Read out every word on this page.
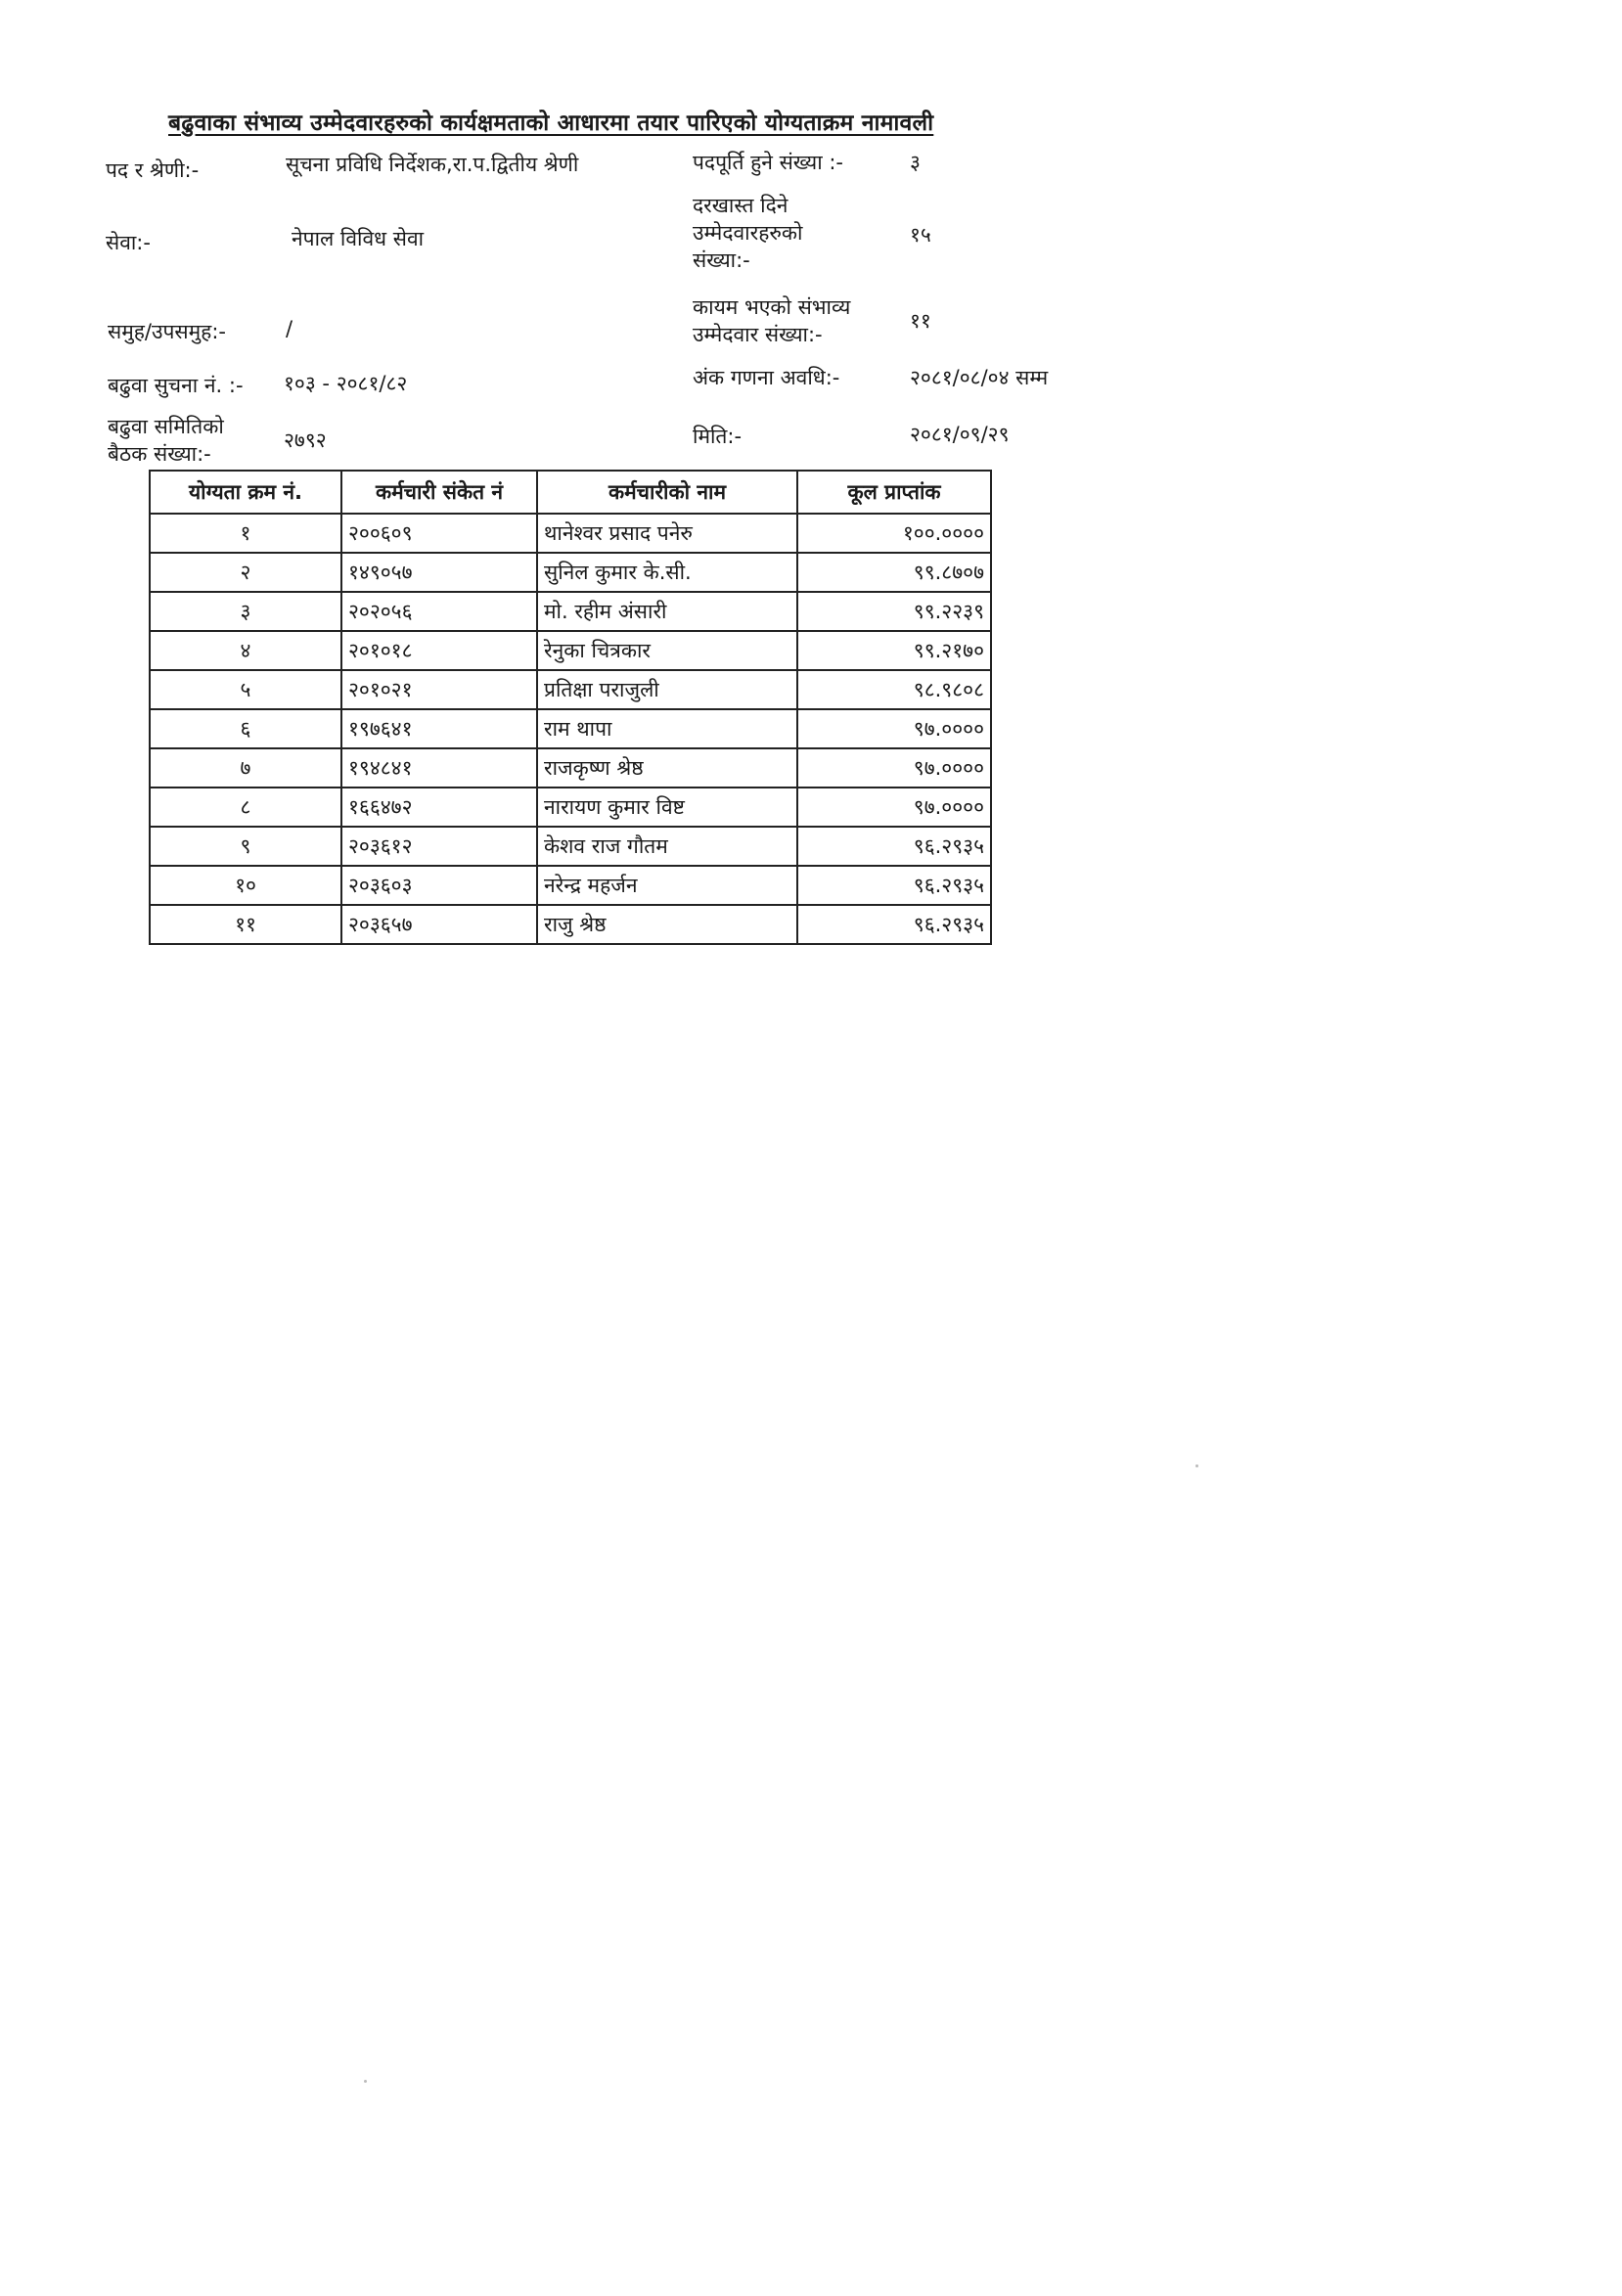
बढुवाका संभाव्य उम्मेदवारहरुको कार्यक्षमताको आधारमा तयार पारिएको योग्यताक्रम नामावली
पद र श्रेणी:-	सूचना प्रविधि निर्देशक,रा.प.द्वितीय श्रेणी
सेवा:-	नेपाल विविध सेवा
समुह/उपसमुह:-	/
बढुवा सुचना नं. :- १०३ - २०८१/८२
बढुवा समितिको बैठक संख्या:-
२७९२
पदपूर्ति हुने संख्या :-	३
दरखास्त दिने उम्मेदवारहरुको संख्या:-
१५
कायम भएको संभाव्य उम्मेदवार संख्या:-
११
अंक गणना अवधि:-	२०८१/०८/०४ सम्म
मिति:-	२०८१/०९/२९
योग्यता क्रम नं.	कर्मचारी संकेत नं	कर्मचारीको नाम	कूल प्राप्तांक
१	२००६०९	थानेश्वर प्रसाद पनेरु	१००.००००
२	१४९०५७	सुनिल कुमार के.सी.	९९.८७०७
३	२०२०५६	मो. रहीम अंसारी	९९.२२३९
४	२०१०१८	रेनुका चित्रकार	९९.२१७०
५	२०१०२१	प्रतिक्षा पराजुली	९८.९८०८
६	१९७६४१	राम थापा	९७.००००
७	१९४८४१	राजकृष्ण श्रेष्ठ	९७.००००
८	१६६४७२	नारायण कुमार विष्ट	९७.००००
९	२०३६१२	केशव राज गौतम	९६.२९३५
१०	२०३६०३	नरेन्द्र महर्जन	९६.२९३५
११	२०३६५७	राजु श्रेष्ठ	९६.२९३५
